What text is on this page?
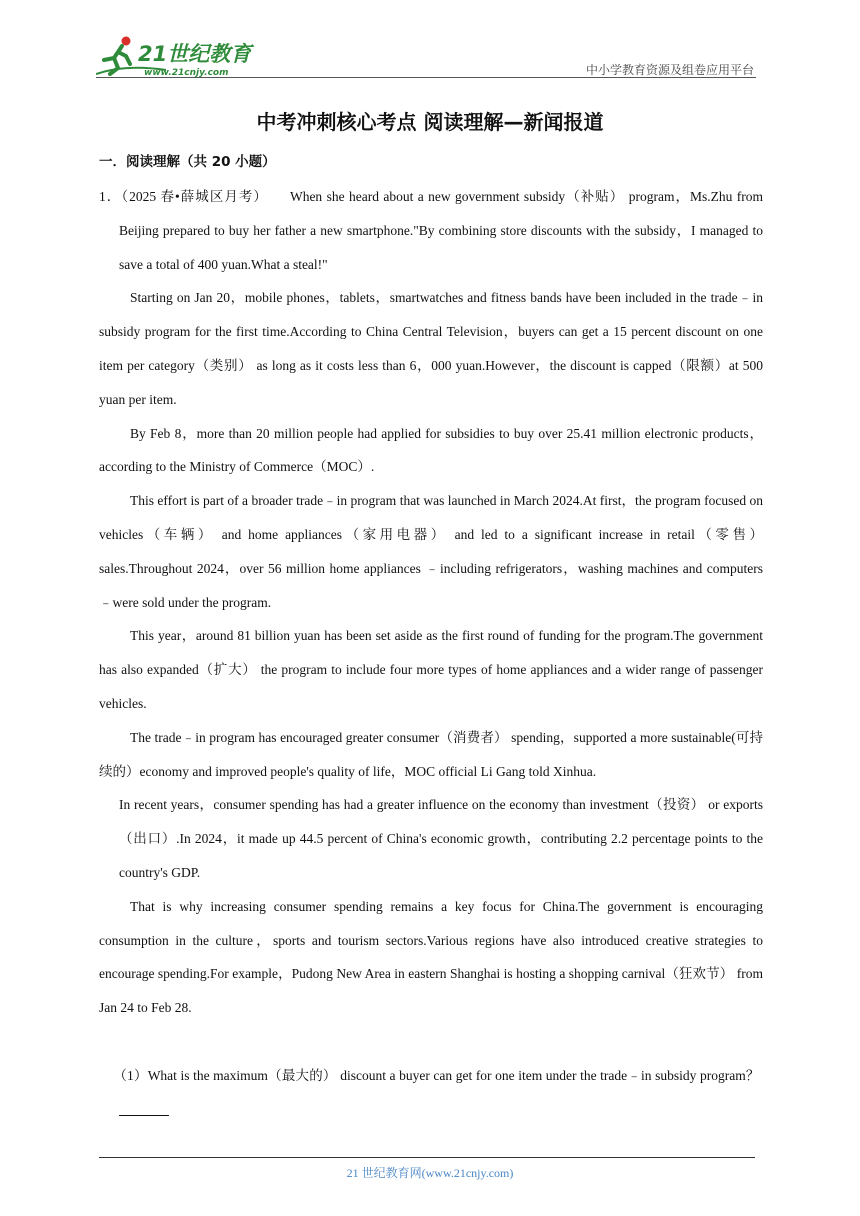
21世纪教育
www.21cnjy.com	中小学教育资源及组卷应用平台
中考冲刺核心考点 阅读理解—新闻报道
一．阅读理解（共 20 小题）

1．（2025 春•薛城区月考） When she heard about a new government subsidy（补贴） program，Ms.Zhu from Beijing prepared to buy her father a new smartphone."By combining store discounts with the subsidy，I managed to save a total of 400 yuan.What a steal!"

Starting on Jan 20，mobile phones，tablets，smartwatches and fitness bands have been included in the trade﹣in subsidy program for the first time.According to China Central Television，buyers can get a 15 percent discount on one item per category（类别） as long as it costs less than 6，000 yuan.However，the discount is capped（限额）at 500 yuan per item.

By Feb 8，more than 20 million people had applied for subsidies to buy over 25.41 million electronic products，according to the Ministry of Commerce（MOC）.

This effort is part of a broader trade﹣in program that was launched in March 2024.At first，the program focused on vehicles（车辆） and home appliances（家用电器） and led to a significant increase in retail（零售） sales.Throughout 2024，over 56 million home appliances ﹣including refrigerators，washing machines and computers ﹣were sold under the program.

This year，around 81 billion yuan has been set aside as the first round of funding for the program.The government has also expanded（扩大） the program to include four more types of home appliances and a wider range of passenger vehicles.

The trade﹣in program has encouraged greater consumer（消费者） spending，supported a more sustainable(可持续的）economy and improved people's quality of life，MOC official Li Gang told Xinhua.

In recent years，consumer spending has had a greater influence on the economy than investment（投资） or exports（出口）.In 2024，it made up 44.5 percent of China's economic growth，contributing 2.2 percentage points to the country's GDP.

That is why increasing consumer spending remains a key focus for China.The government is encouraging consumption in the culture，sports and tourism sectors.Various regions have also introduced creative strategies to encourage spending.For example，Pudong New Area in eastern Shanghai is hosting a shopping carnival（狂欢节） from Jan 24 to Feb 28.

（1）What is the maximum（最大的） discount a buyer can get for one item under the trade﹣in subsidy program？

21 世纪教育网(www.21cnjy.com)
